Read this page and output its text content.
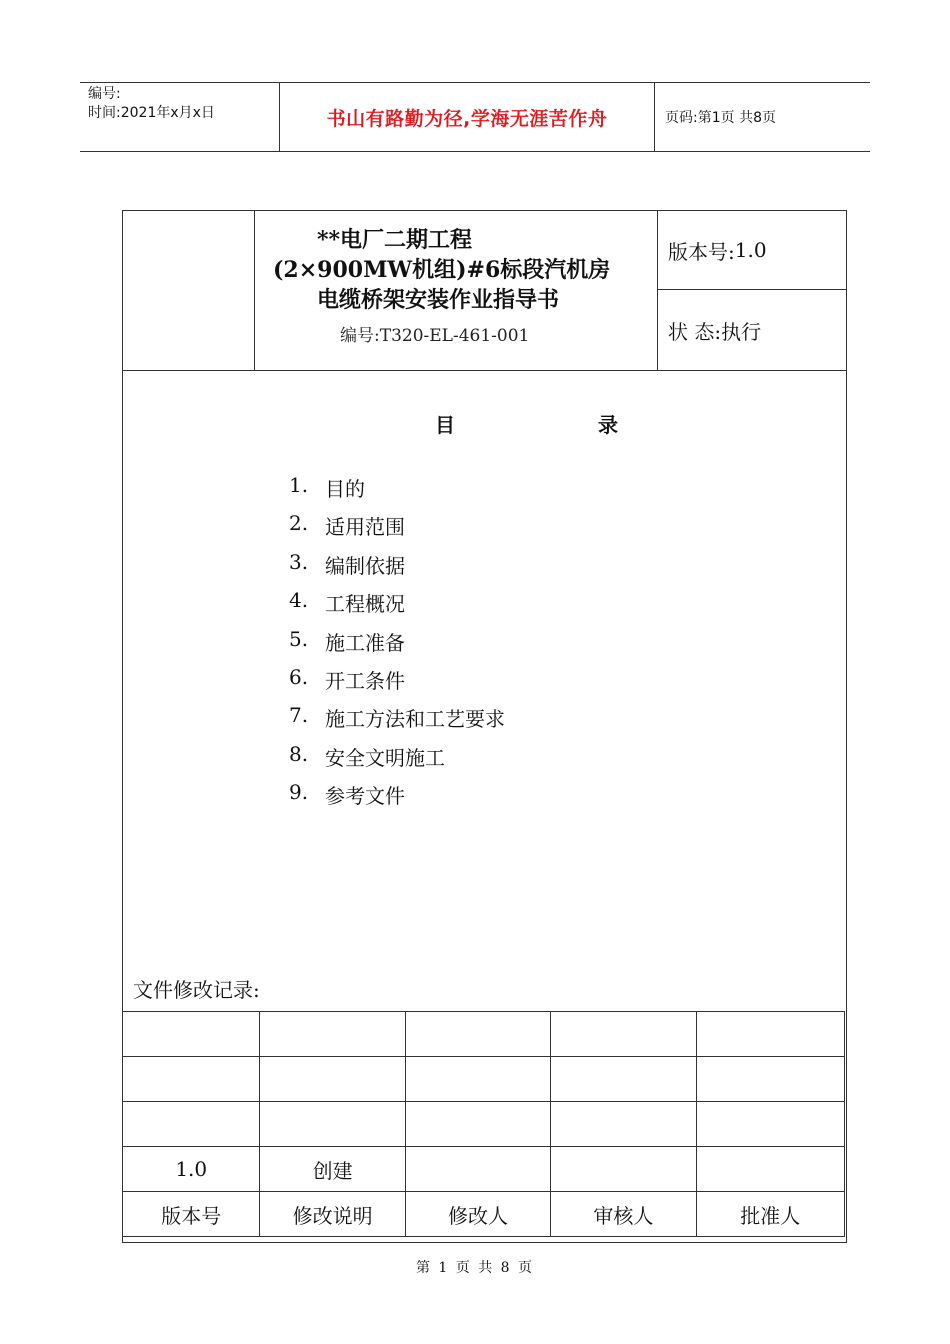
编号:
时间:2021年x月x日	书山有路勤为径,学海无涯苦作舟	页码:第1页 共8页
**电厂二期工程
(2×900MW机组)#6标段汽机房
电缆桥架安装作业指导书
编号:T320-EL-461-001
版本号: 1.0
状 态: 执行
目 录
1. 目的
2. 适用范围
3. 编制依据
4. 工程概况
5. 施工准备
6. 开工条件
7. 施工方法和工艺要求
8. 安全文明施工
9. 参考文件
文件修改记录:

1.0	创建			
版本号	修改说明	修改人	审核人	批准人
第 1 页 共 8 页
